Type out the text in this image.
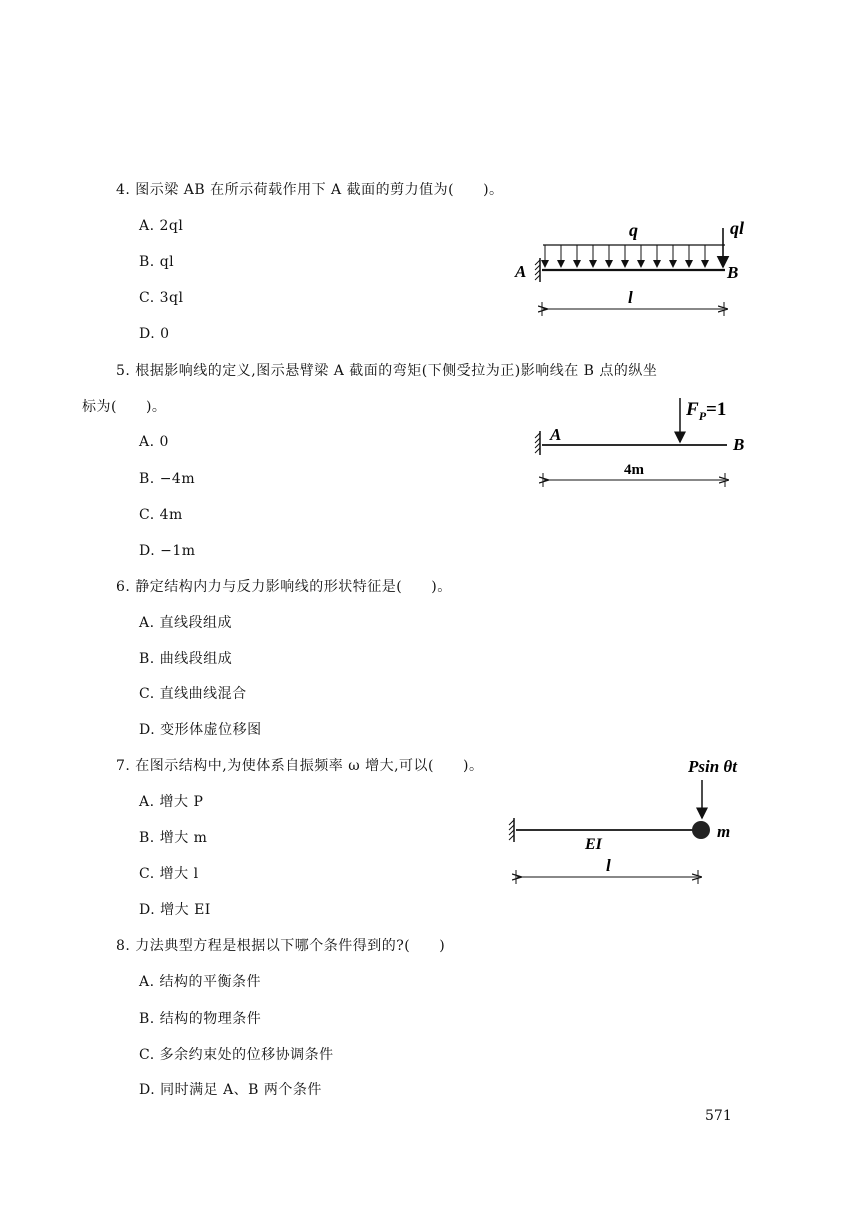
4. 图示梁 AB 在所示荷载作用下 A 截面的剪力值为(　　)。
A. 2ql
B. ql
C. 3ql
D. 0
q	ql
A	B
l
5. 根据影响线的定义,图示悬臂梁 A 截面的弯矩(下侧受拉为正)影响线在 B 点的纵坐
标为(　　)。
A. 0
B. −4m
C. 4m
D. −1m
$F_P=1$
A
B
4m
6. 静定结构内力与反力影响线的形状特征是(　　)。
A. 直线段组成
B. 曲线段组成
C. 直线曲线混合
D. 变形体虚位移图
7. 在图示结构中,为使体系自振频率 ω 增大,可以(　　)。
A. 增大 P
B. 增大 m
C. 增大 l
D. 增大 EI
Psin θt
m
EI
l
8. 力法典型方程是根据以下哪个条件得到的?(　　)
A. 结构的平衡条件
B. 结构的物理条件
C. 多余约束处的位移协调条件
D. 同时满足 A、B 两个条件
571
